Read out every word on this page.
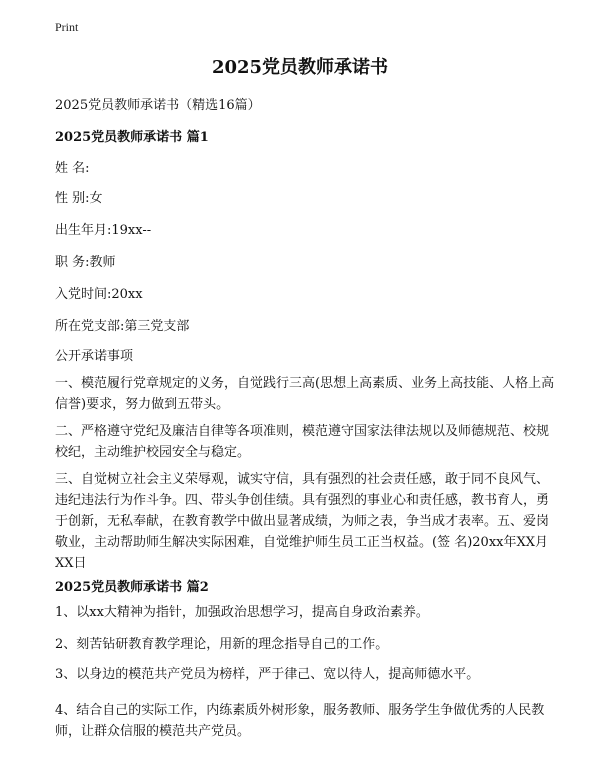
Print
2025党员教师承诺书
2025党员教师承诺书（精选16篇）
2025党员教师承诺书 篇1
姓 名:
性 别:女
出生年月:19xx--
职 务:教师
入党时间:20xx
所在党支部:第三党支部
公开承诺事项
一、模范履行党章规定的义务，自觉践行三高(思想上高素质、业务上高技能、人格上高信誉)要求，努力做到五带头。
二、严格遵守党纪及廉洁自律等各项准则，模范遵守国家法律法规以及师德规范、校规校纪，主动维护校园安全与稳定。
三、自觉树立社会主义荣辱观，诚实守信，具有强烈的社会责任感，敢于同不良风气、违纪违法行为作斗争。四、带头争创佳绩。具有强烈的事业心和责任感，教书育人，勇于创新，无私奉献，在教育教学中做出显著成绩，为师之表，争当成才表率。五、爱岗敬业，主动帮助师生解决实际困难，自觉维护师生员工正当权益。(签 名)20xx年XX月XX日
2025党员教师承诺书 篇2
1、以xx大精神为指针，加强政治思想学习，提高自身政治素养。
2、刻苦钻研教育教学理论，用新的理念指导自己的工作。
3、以身边的模范共产党员为榜样，严于律己、宽以待人，提高师德水平。
4、结合自己的实际工作，内练素质外树形象，服务教师、服务学生争做优秀的人民教师，让群众信服的模范共产党员。
